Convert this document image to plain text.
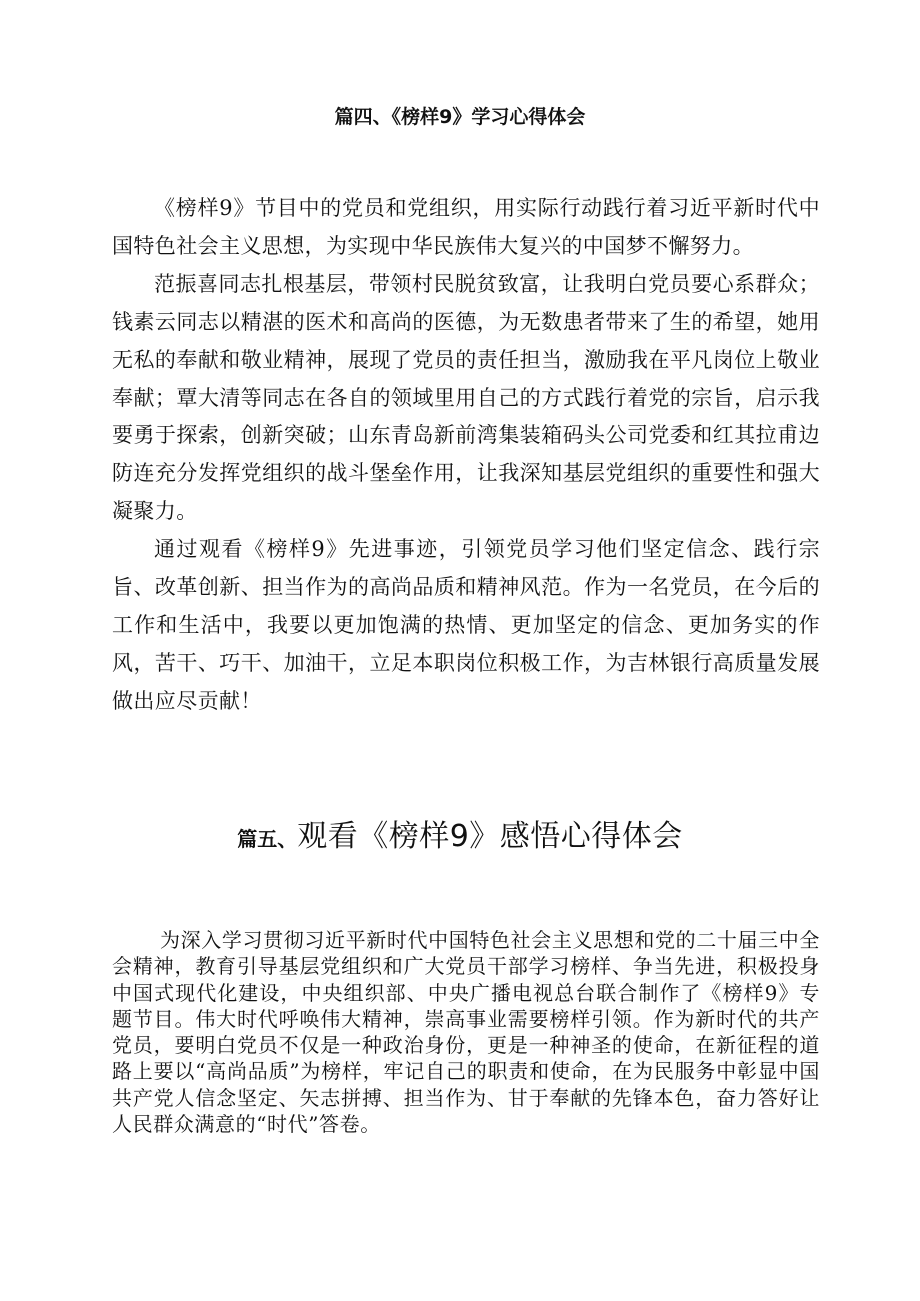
篇四、《榜样9》学习心得体会

《榜样9》节目中的党员和党组织，用实际行动践行着习近平新时代中国特色社会主义思想，为实现中华民族伟大复兴的中国梦不懈努力。

范振喜同志扎根基层，带领村民脱贫致富，让我明白党员要心系群众；钱素云同志以精湛的医术和高尚的医德，为无数患者带来了生的希望，她用无私的奉献和敬业精神，展现了党员的责任担当，激励我在平凡岗位上敬业奉献；覃大清等同志在各自的领域里用自己的方式践行着党的宗旨，启示我要勇于探索，创新突破；山东青岛新前湾集装箱码头公司党委和红其拉甫边防连充分发挥党组织的战斗堡垒作用，让我深知基层党组织的重要性和强大凝聚力。

通过观看《榜样9》先进事迹，引领党员学习他们坚定信念、践行宗旨、改革创新、担当作为的高尚品质和精神风范。作为一名党员，在今后的工作和生活中，我要以更加饱满的热情、更加坚定的信念、更加务实的作风，苦干、巧干、加油干，立足本职岗位积极工作，为吉林银行高质量发展做出应尽贡献！

篇五、观看《榜样9》感悟心得体会

为深入学习贯彻习近平新时代中国特色社会主义思想和党的二十届三中全会精神，教育引导基层党组织和广大党员干部学习榜样、争当先进，积极投身中国式现代化建设，中央组织部、中央广播电视总台联合制作了《榜样9》专题节目。伟大时代呼唤伟大精神，崇高事业需要榜样引领。作为新时代的共产党员，要明白党员不仅是一种政治身份，更是一种神圣的使命，在新征程的道路上要以“高尚品质”为榜样，牢记自己的职责和使命，在为民服务中彰显中国共产党人信念坚定、矢志拼搏、担当作为、甘于奉献的先锋本色，奋力答好让人民群众满意的“时代”答卷。
